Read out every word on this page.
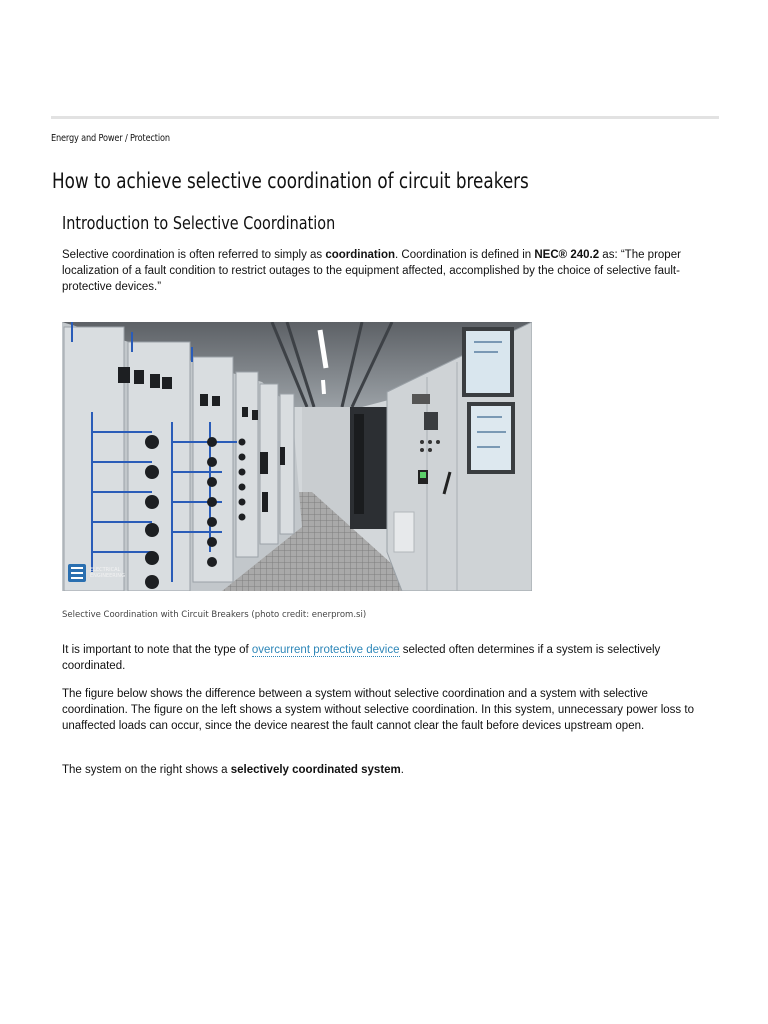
Energy and Power / Protection
How to achieve selective coordination of circuit breakers
Introduction to Selective Coordination

Selective coordination is often referred to simply as coordination. Coordination is defined in NEC® 240.2 as: “The proper localization of a fault condition to restrict outages to the equipment affected, accomplished by the choice of selective fault-protective devices.”

ELECTRICAL
ENGINEERING
Selective Coordination with Circuit Breakers (photo credit: enerprom.si)

It is important to note that the type of overcurrent protective device selected often determines if a system is selectively coordinated.

The figure below shows the difference between a system without selective coordination and a system with selective coordination. The figure on the left shows a system without selective coordination. In this system, unnecessary power loss to unaffected loads can occur, since the device nearest the fault cannot clear the fault before devices upstream open.

The system on the right shows a selectively coordinated system.
